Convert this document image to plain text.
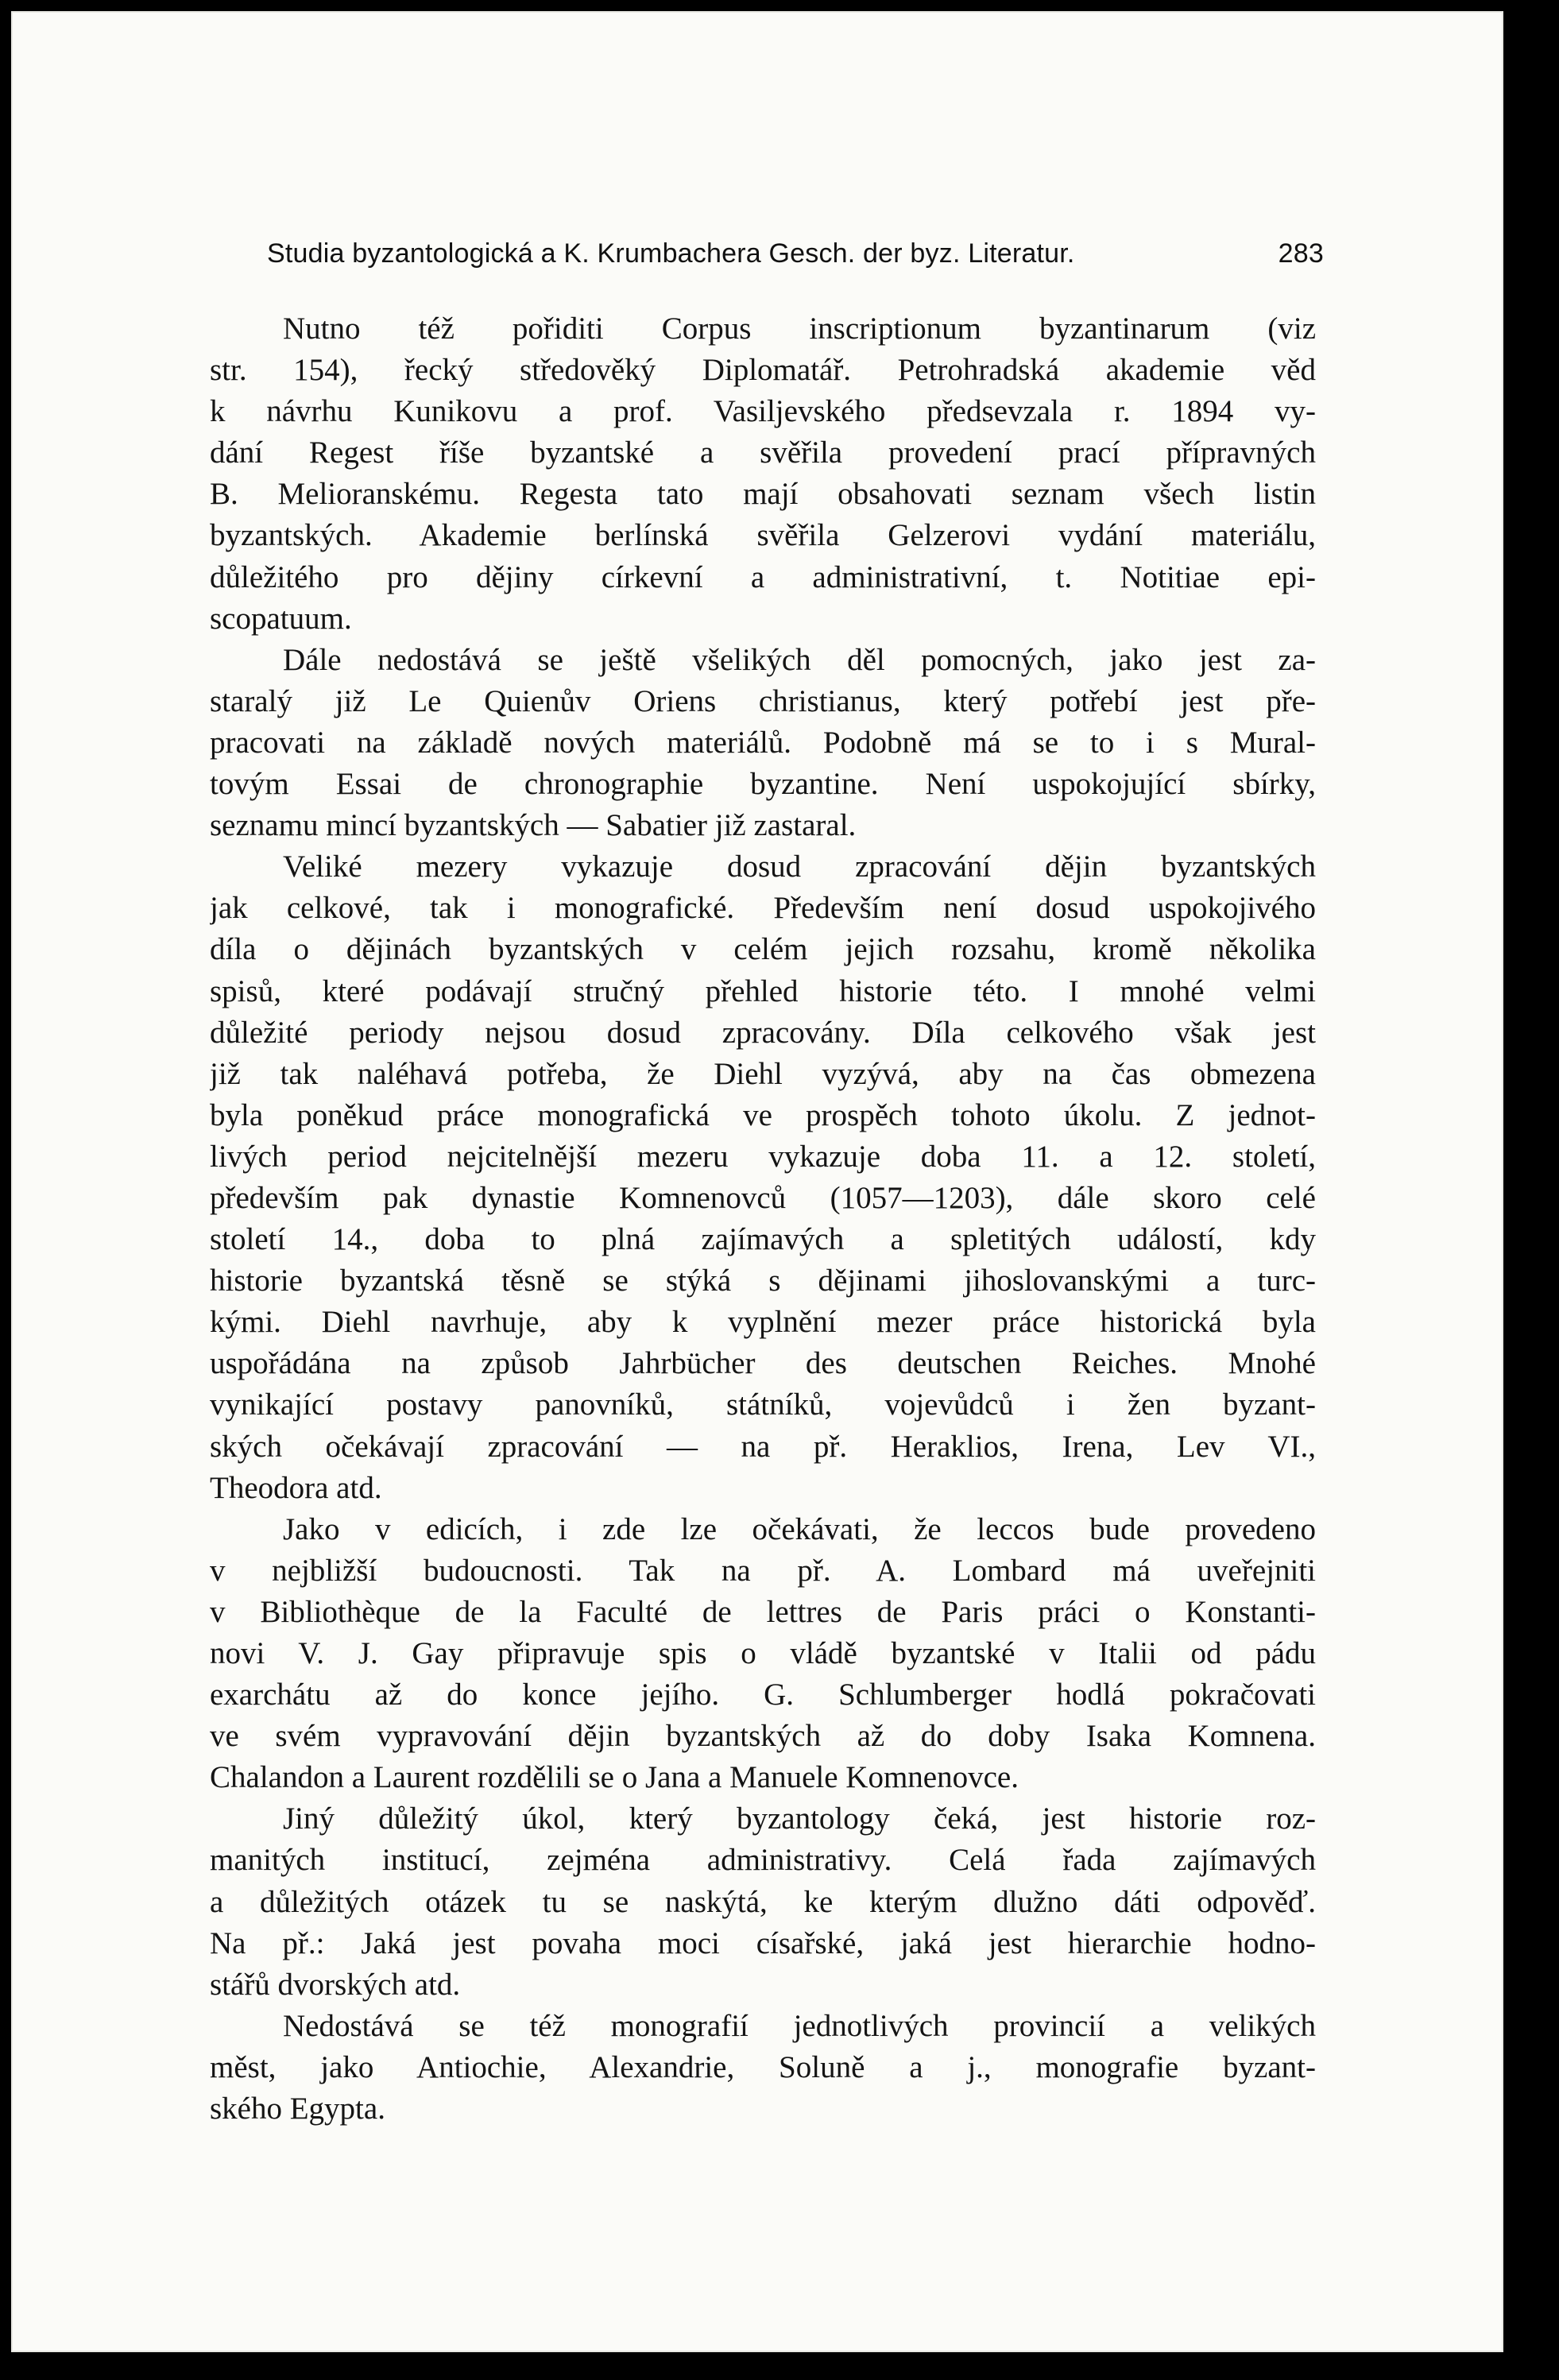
Studia byzantologická a K. Krumbachera Gesch. der byz. Literatur.	283
Nutno též pořiditi Corpus inscriptionum byzantinarum (viz
str. 154), řecký středověký Diplomatář. Petrohradská akademie věd
k návrhu Kunikovu a prof. Vasiljevského předsevzala r. 1894 vy-
dání Regest říše byzantské a svěřila provedení prací přípravných
B. Melioranskému. Regesta tato mají obsahovati seznam všech listin
byzantských. Akademie berlínská svěřila Gelzerovi vydání materiálu,
důležitého pro dějiny církevní a administrativní, t. Notitiae epi-
scopatuum.
Dále nedostává se ještě všelikých děl pomocných, jako jest za-
staralý již Le Quienův Oriens christianus, který potřebí jest pře-
pracovati na základě nových materiálů. Podobně má se to i s Mural-
tovým Essai de chronographie byzantine. Není uspokojující sbírky,
seznamu mincí byzantských — Sabatier již zastaral.
Veliké mezery vykazuje dosud zpracování dějin byzantských
jak celkové, tak i monografické. Především není dosud uspokojivého
díla o dějinách byzantských v celém jejich rozsahu, kromě několika
spisů, které podávají stručný přehled historie této. I mnohé velmi
důležité periody nejsou dosud zpracovány. Díla celkového však jest
již tak naléhavá potřeba, že Diehl vyzývá, aby na čas obmezena
byla poněkud práce monografická ve prospěch tohoto úkolu. Z jednot-
livých period nejcitelnější mezeru vykazuje doba 11. a 12. století,
především pak dynastie Komnenovců (1057—1203), dále skoro celé
století 14., doba to plná zajímavých a spletitých událostí, kdy
historie byzantská těsně se stýká s dějinami jihoslovanskými a turc-
kými. Diehl navrhuje, aby k vyplnění mezer práce historická byla
uspořádána na způsob Jahrbücher des deutschen Reiches. Mnohé
vynikající postavy panovníků, státníků, vojevůdců i žen byzant-
ských očekávají zpracování — na př. Heraklios, Irena, Lev VI.,
Theodora atd.
Jako v edicích, i zde lze očekávati, že leccos bude provedeno
v nejbližší budoucnosti. Tak na př. A. Lombard má uveřejniti
v Bibliothèque de la Faculté de lettres de Paris práci o Konstanti-
novi V. J. Gay připravuje spis o vládě byzantské v Italii od pádu
exarchátu až do konce jejího. G. Schlumberger hodlá pokračovati
ve svém vypravování dějin byzantských až do doby Isaka Komnena.
Chalandon a Laurent rozdělili se o Jana a Manuele Komnenovce.
Jiný důležitý úkol, který byzantology čeká, jest historie roz-
manitých institucí, zejména administrativy. Celá řada zajímavých
a důležitých otázek tu se naskýtá, ke kterým dlužno dáti odpověď.
Na př.: Jaká jest povaha moci císařské, jaká jest hierarchie hodno-
stářů dvorských atd.
Nedostává se též monografií jednotlivých provincií a velikých
měst, jako Antiochie, Alexandrie, Soluně a j., monografie byzant-
ského Egypta.
